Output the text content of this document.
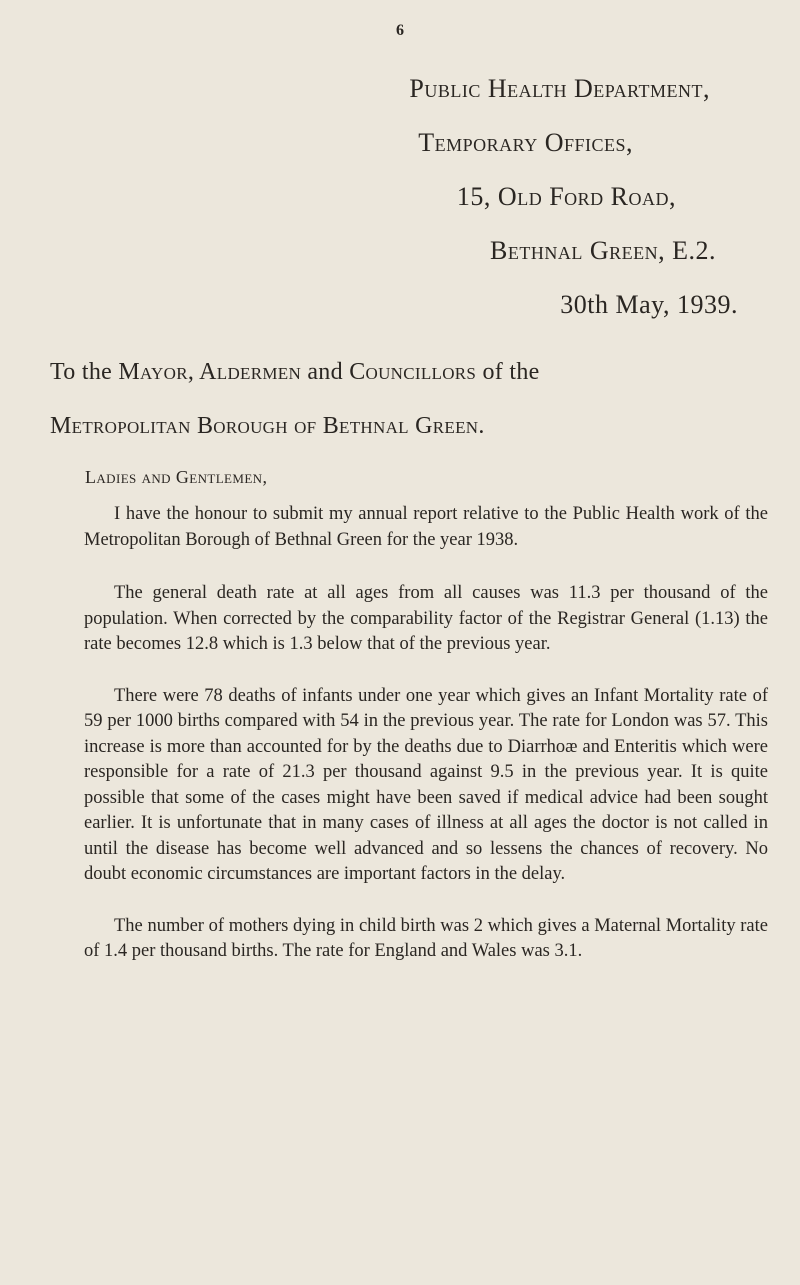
6
Public Health Department,
Temporary Offices,
15, Old Ford Road,
Bethnal Green, E.2.
30th May, 1939.
To the Mayor, Aldermen and Councillors of the
Metropolitan Borough of Bethnal Green.
Ladies and Gentlemen,

I have the honour to submit my annual report relative to the Public Health work of the Metropolitan Borough of Bethnal Green for the year 1938.

The general death rate at all ages from all causes was 11.3 per thousand of the population. When corrected by the comparability factor of the Registrar General (1.13) the rate becomes 12.8 which is 1.3 below that of the previous year.

There were 78 deaths of infants under one year which gives an Infant Mortality rate of 59 per 1000 births compared with 54 in the previous year. The rate for London was 57. This increase is more than accounted for by the deaths due to Diarrhoæ and Enteritis which were responsible for a rate of 21.3 per thousand against 9.5 in the previous year. It is quite possible that some of the cases might have been saved if medical advice had been sought earlier. It is unfortunate that in many cases of illness at all ages the doctor is not called in until the disease has become well advanced and so lessens the chances of recovery. No doubt economic circumstances are important factors in the delay.

The number of mothers dying in child birth was 2 which gives a Maternal Mortality rate of 1.4 per thousand births. The rate for England and Wales was 3.1.
